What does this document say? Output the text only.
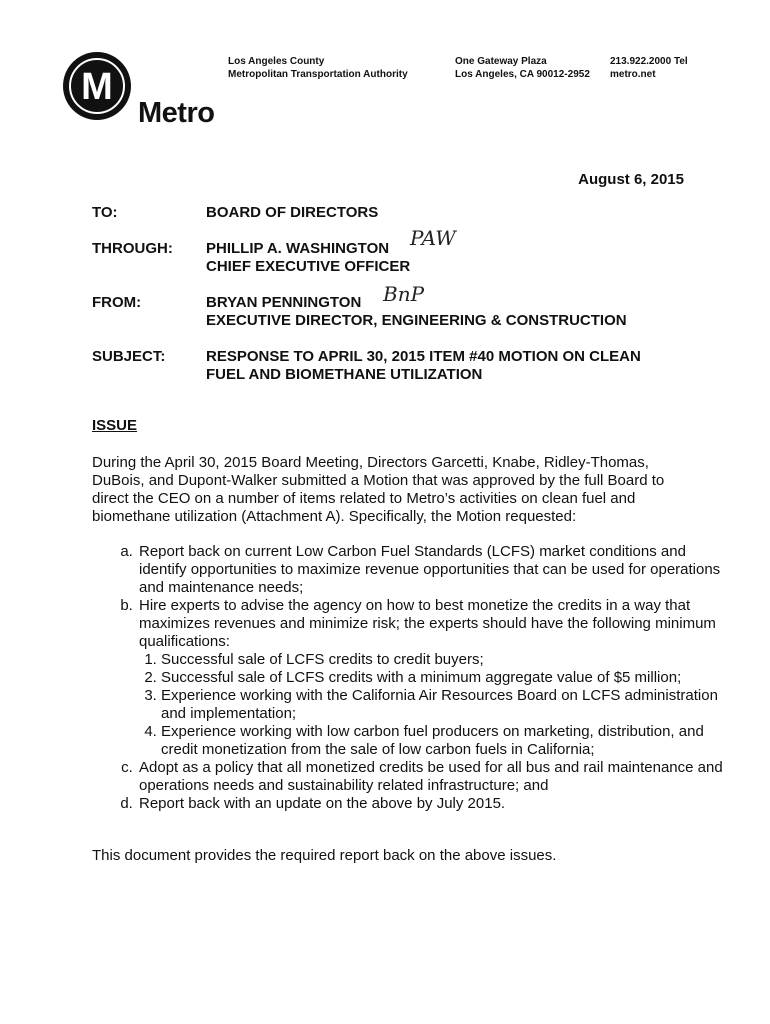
M
Metro
Los Angeles County
Metropolitan Transportation Authority
One Gateway Plaza
Los Angeles, CA 90012-2952
213.922.2000 Tel
metro.net
August 6, 2015
TO:	BOARD OF DIRECTORS
THROUGH: PHILLIP A. WASHINGTON
CHIEF EXECUTIVE OFFICER
PAW
FROM:	BRYAN PENNINGTON
EXECUTIVE DIRECTOR, ENGINEERING & CONSTRUCTION
BnP
SUBJECT:	RESPONSE TO APRIL 30, 2015 ITEM #40 MOTION ON CLEAN
FUEL AND BIOMETHANE UTILIZATION
ISSUE
During the April 30, 2015 Board Meeting, Directors Garcetti, Knabe, Ridley-Thomas, DuBois, and Dupont-Walker submitted a Motion that was approved by the full Board to direct the CEO on a number of items related to Metro’s activities on clean fuel and biomethane utilization (Attachment A). Specifically, the Motion requested:
a. Report back on current Low Carbon Fuel Standards (LCFS) market conditions and identify opportunities to maximize revenue opportunities that can be used for operations and maintenance needs;
b. Hire experts to advise the agency on how to best monetize the credits in a way that maximizes revenues and minimize risk; the experts should have the following minimum qualifications:
1. Successful sale of LCFS credits to credit buyers;
2. Successful sale of LCFS credits with a minimum aggregate value of $5 million;
3. Experience working with the California Air Resources Board on LCFS administration and implementation;
4. Experience working with low carbon fuel producers on marketing, distribution, and credit monetization from the sale of low carbon fuels in California;
c. Adopt as a policy that all monetized credits be used for all bus and rail maintenance and operations needs and sustainability related infrastructure; and
d. Report back with an update on the above by July 2015.
This document provides the required report back on the above issues.
